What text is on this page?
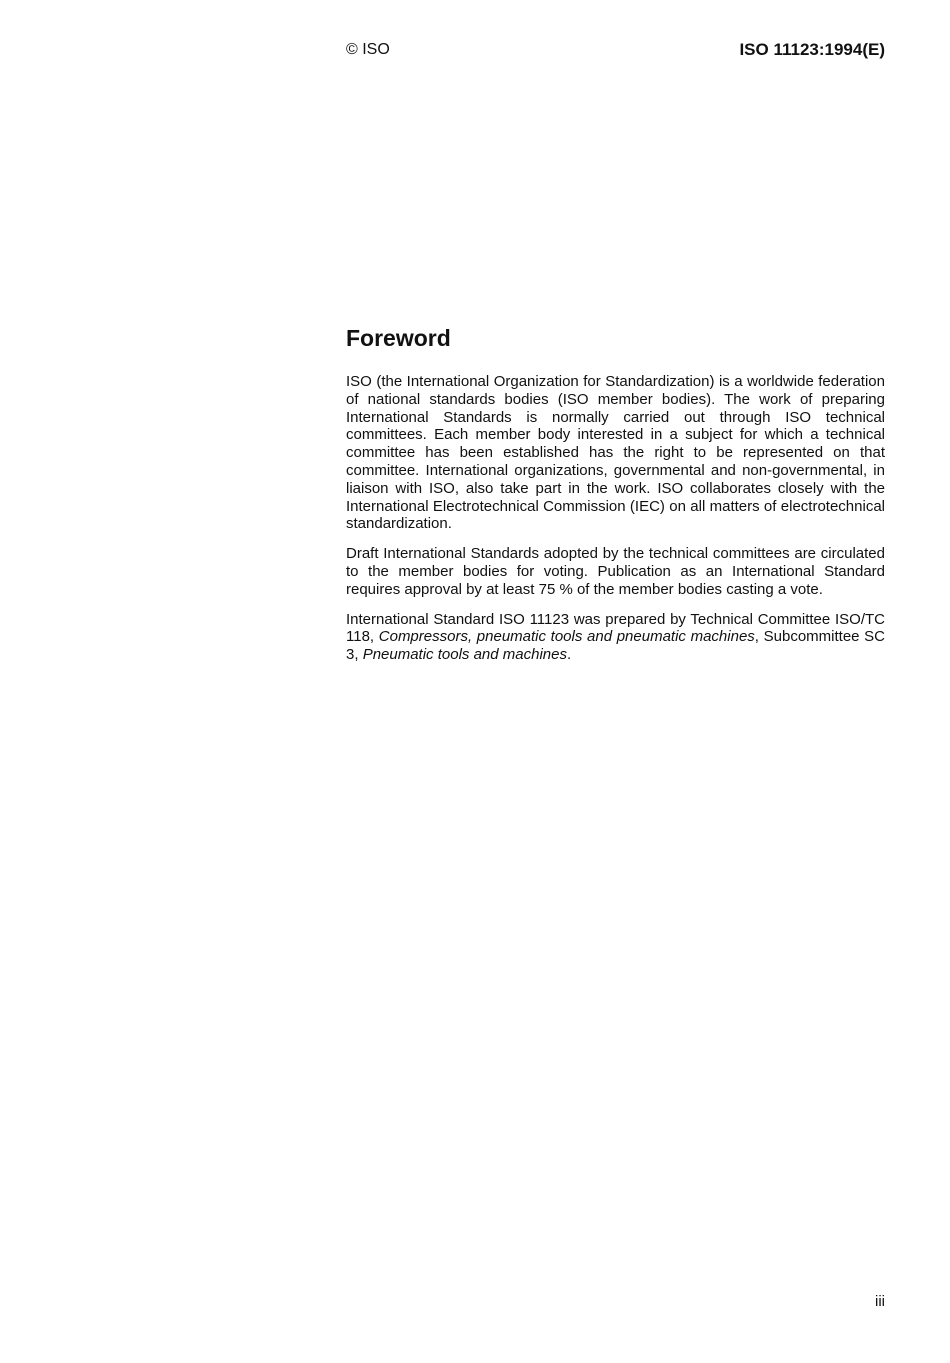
© ISO	ISO 11123:1994(E)
Foreword

ISO (the International Organization for Standardization) is a worldwide federation of national standards bodies (ISO member bodies). The work of preparing International Standards is normally carried out through ISO technical committees. Each member body interested in a subject for which a technical committee has been established has the right to be represented on that committee. International organizations, governmental and non-governmental, in liaison with ISO, also take part in the work. ISO collaborates closely with the International Electrotechnical Commission (IEC) on all matters of electrotechnical standardization.

Draft International Standards adopted by the technical committees are circulated to the member bodies for voting. Publication as an International Standard requires approval by at least 75 % of the member bodies casting a vote.

International Standard ISO 11123 was prepared by Technical Committee ISO/TC 118, Compressors, pneumatic tools and pneumatic machines, Subcommittee SC 3, Pneumatic tools and machines.

iii
